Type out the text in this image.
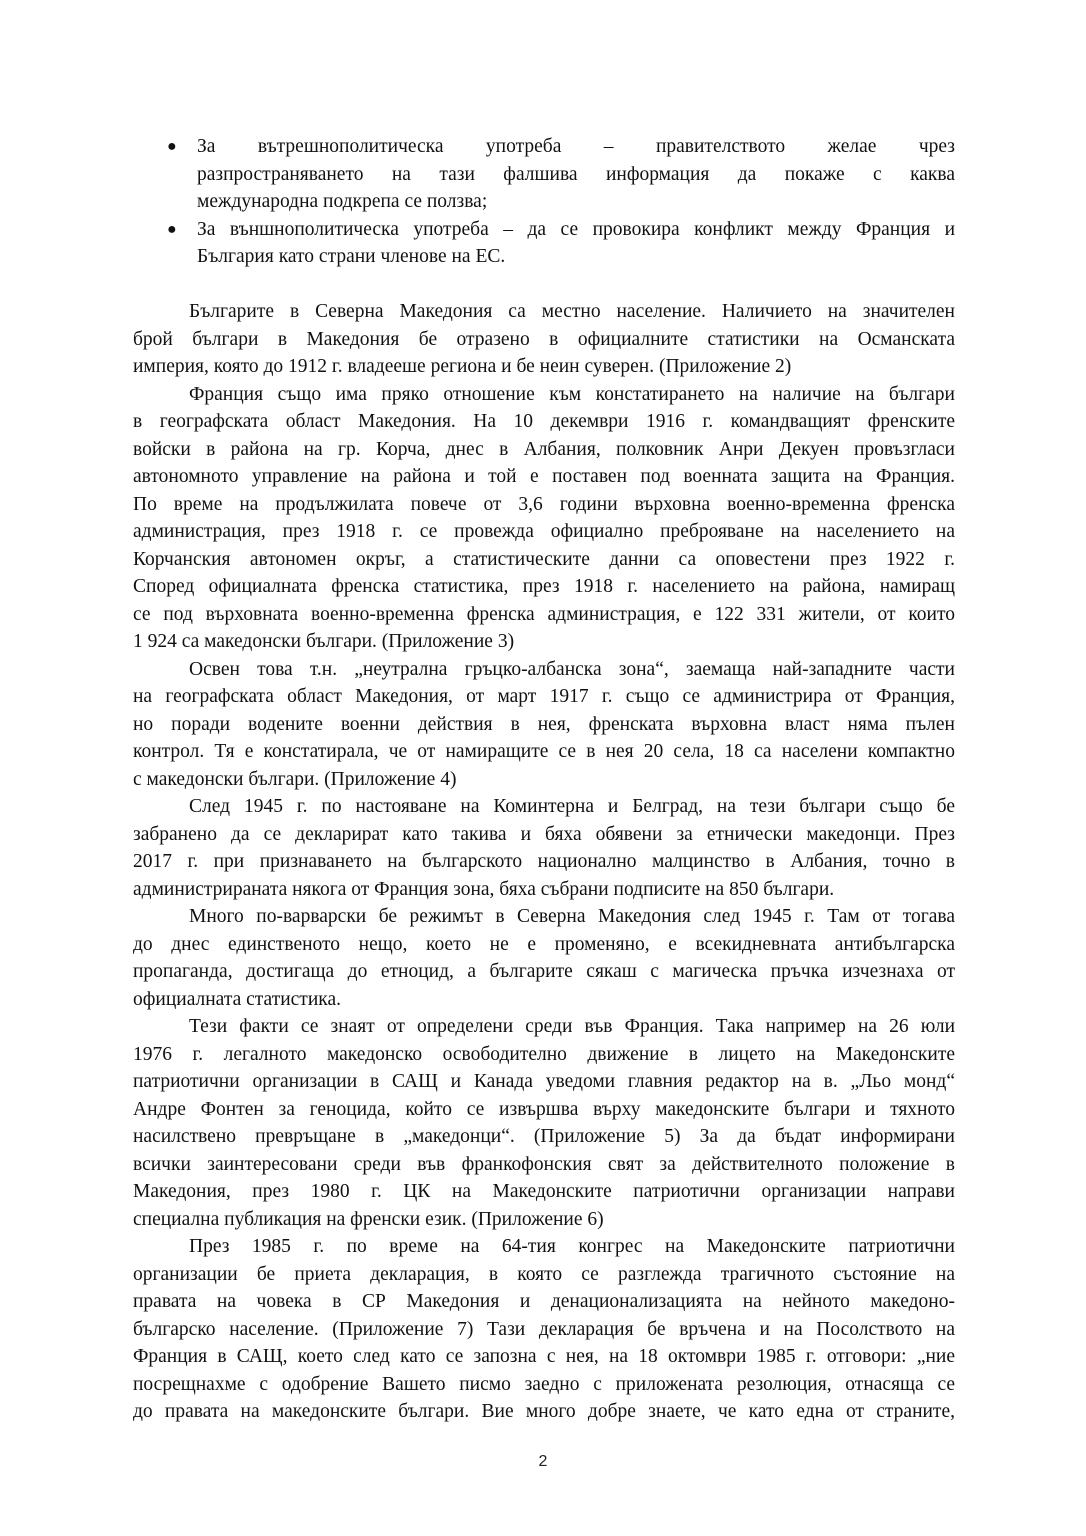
● За вътрешнополитическа употреба – правителството желае чрез
разпространяването на тази фалшива информация да покаже с каква
международна подкрепа се ползва;
● За външнополитическа употреба – да се провокира конфликт между Франция и
България като страни членове на ЕС.
Българите в Северна Македония са местно население. Наличието на значителен
брой българи в Македония бе отразено в официалните статистики на Османската
империя, която до 1912 г. владееше региона и бе неин суверен. (Приложение 2)
Франция също има пряко отношение към констатирането на наличие на българи
в географската област Македония. На 10 декември 1916 г. командващият френските
войски в района на гр. Корча, днес в Албания, полковник Анри Декуен провъзгласи
автономното управление на района и той е поставен под военната защита на Франция.
По време на продължилата повече от 3,6 години върховна военно-временна френска
администрация, през 1918 г. се провежда официално преброяване на населението на
Корчанския автономен окръг, а статистическите данни са оповестени през 1922 г.
Според официалната френска статистика, през 1918 г. населението на района, намиращ
се под върховната военно-временна френска администрация, е 122 331 жители, от които
1 924 са македонски българи. (Приложение 3)
Освен това т.н. „неутрална гръцко-албанска зона“, заемаща най-западните части
на географската област Македония, от март 1917 г. също се администрира от Франция,
но поради водените военни действия в нея, френската върховна власт няма пълен
контрол. Тя е констатирала, че от намиращите се в нея 20 села, 18 са населени компактно
с македонски българи. (Приложение 4)
След 1945 г. по настояване на Коминтерна и Белград, на тези българи също бе
забранено да се декларират като такива и бяха обявени за етнически македонци. През
2017 г. при признаването на българското национално малцинство в Албания, точно в
администрираната някога от Франция зона, бяха събрани подписите на 850 българи.
Много по-варварски бе режимът в Северна Македония след 1945 г. Там от тогава
до днес единственото нещо, което не е променяно, е всекидневната антибългарска
пропаганда, достигаща до етноцид, а българите сякаш с магическа пръчка изчезнаха от
официалната статистика.
Тези факти се знаят от определени среди във Франция. Така например на 26 юли
1976 г. легалното македонско освободително движение в лицето на Македонските
патриотични организации в САЩ и Канада уведоми главния редактор на в. „Льо монд“
Андре Фонтен за геноцида, който се извършва върху македонските българи и тяхното
насилствено превръщане в „македонци“. (Приложение 5) За да бъдат информирани
всички заинтересовани среди във франкофонския свят за действителното положение в
Македония, през 1980 г. ЦК на Македонските патриотични организации направи
специална публикация на френски език. (Приложение 6)
През 1985 г. по време на 64-тия конгрес на Македонските патриотични
организации бе приета декларация, в която се разглежда трагичното състояние на
правата на човека в СР Македония и денационализацията на нейното македоно-
българско население. (Приложение 7) Тази декларация бе връчена и на Посолството на
Франция в САЩ, което след като се запозна с нея, на 18 октомври 1985 г. отговори: „ние
посрещнахме с одобрение Вашето писмо заедно с приложената резолюция, отнасяща се
до правата на македонските българи. Вие много добре знаете, че като една от страните,
2
